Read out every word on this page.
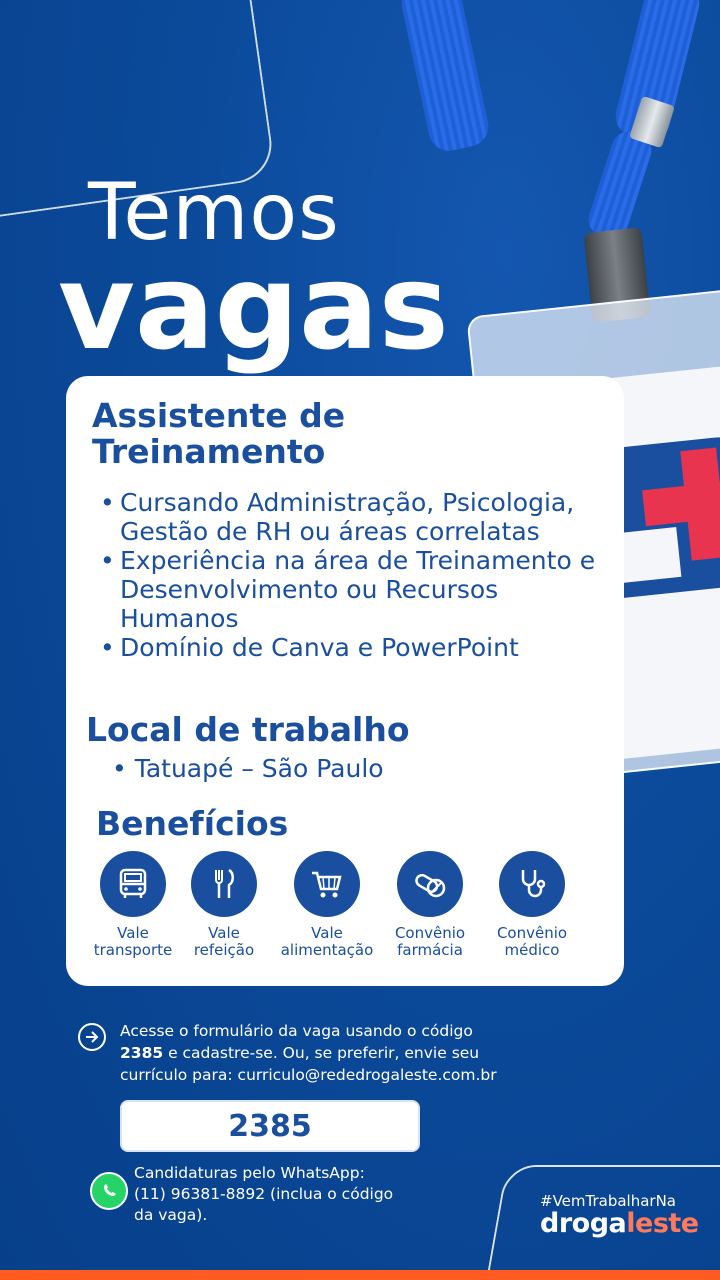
Temos
vagas
Assistente de Treinamento
• Cursando Administração, Psicologia, Gestão de RH ou áreas correlatas
• Experiência na área de Treinamento e Desenvolvimento ou Recursos Humanos
• Domínio de Canva e PowerPoint
Local de trabalho
• Tatuapé – São Paulo
Benefícios
Vale
transporte
Vale
refeição
Vale
alimentação
Convênio
farmácia
Convênio
médico
Acesse o formulário da vaga usando o código
2385 e cadastre-se. Ou, se preferir, envie seu currículo para: curriculo@rededrogaleste.com.br
2385
Candidaturas pelo WhatsApp: (11) 96381-8892 (inclua o código da vaga).
#VemTrabalharNa
drogaleste
